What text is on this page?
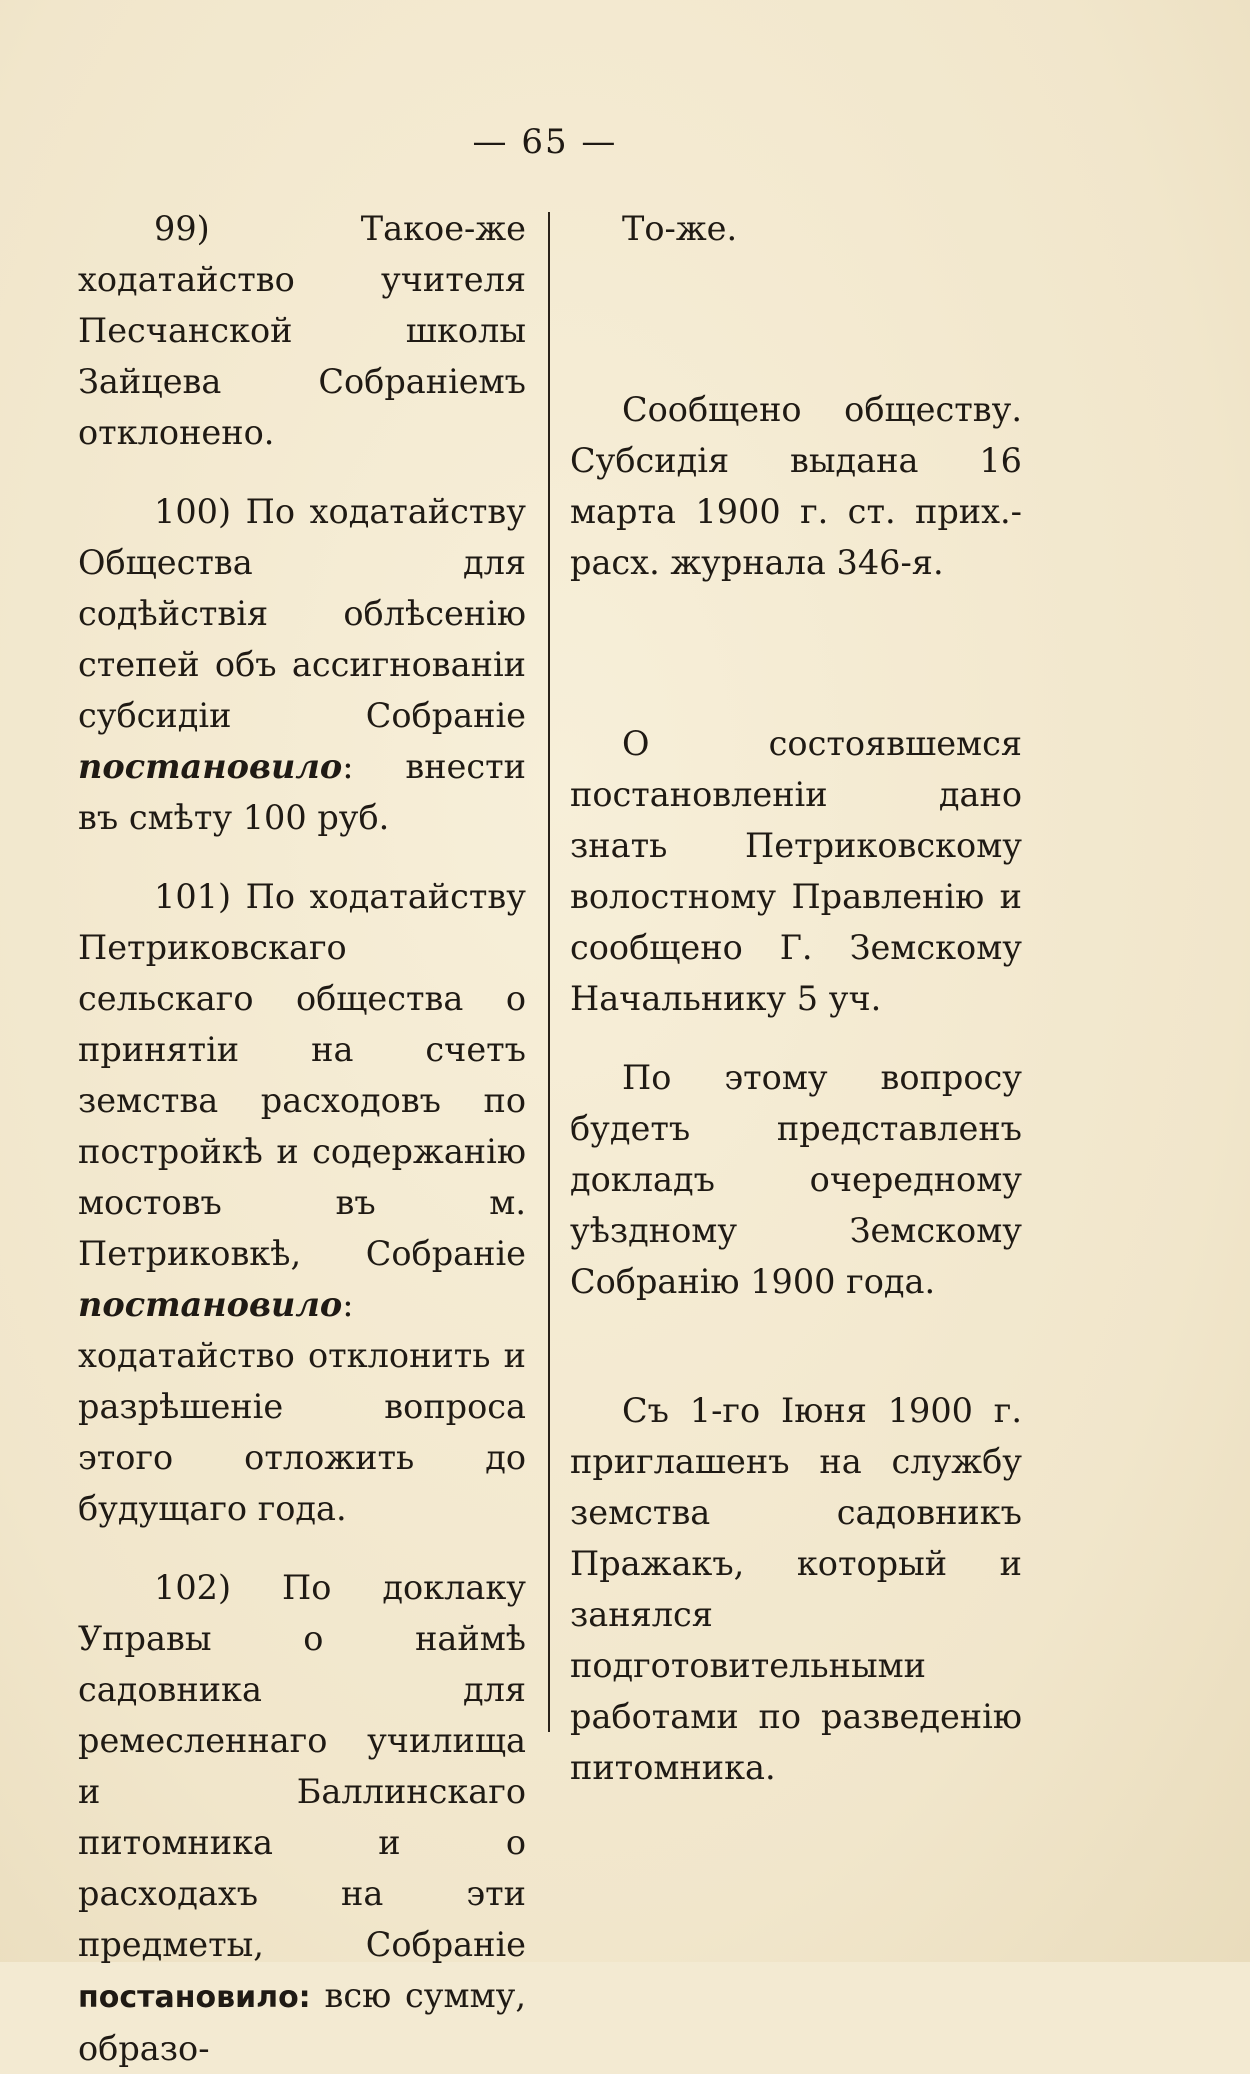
— 65 —
99) Такое-же ходатайство учителя Песчанской школы Зайцева Собраніемъ отклонено.
100) По ходатайству Общества для содѣйствія облѣсенію степей объ ассигнованіи субсидіи Собраніе постановило: внести въ смѣту 100 руб.
101) По ходатайству Петриковскаго сельскаго общества о принятіи на счетъ земства расходовъ по постройкѣ и содержанію мостовъ въ м. Петриковкѣ, Собраніе постановило: ходатайство отклонить и разрѣшеніе вопроса этого отложить до будущаго года.
102) По доклаку Управы о наймѣ садовника для ремесленнаго училища и Баллинскаго питомника и о расходахъ на эти предметы, Собраніе постановило: всю сумму, образо-
То-же.
Сообщено обществу. Субсидія выдана 16 марта 1900 г. ст. прих.-расх. журнала 346-я.
О состоявшемся постановленіи дано знать Петриковскому волостному Правленію и сообщено Г. Земскому Начальнику 5 уч.
По этому вопросу будетъ представленъ докладъ очередному уѣздному Земскому Собранію 1900 года.
Съ 1-го Іюня 1900 г. приглашенъ на службу земства садовникъ Пражакъ, который и занялся подготовительными работами по разведенію питомника.
